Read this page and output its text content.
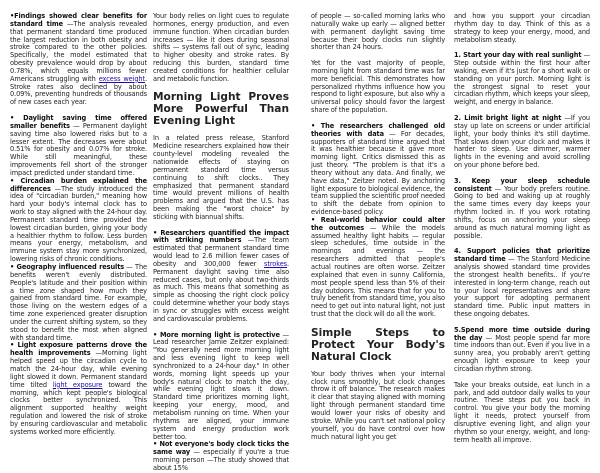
•Findings showed clear benefits for standard time —The analysis revealed that permanent standard time produced the largest reduction in both obesity and stroke compared to the other policies. Specifically, the model estimated that obesity prevalence would drop by about 0.78%, which equals millions fewer Americans struggling with excess weight. Stroke rates also declined by about 0.09%, preventing hundreds of thousands of new cases each year.

• Daylight saving time offered smaller benefits — Permanent daylight saving time also lowered risks but to a lesser extent. The decreases were about 0.51% for obesity and 0.07% for stroke. While still meaningful, these improvements fell short of the stronger impact predicted under standard time.

• Circadian burden explained the differences —The study introduced the idea of "circadian burden," meaning how hard your body's internal clock has to work to stay aligned with the 24-hour day. Permanent standard time provided the lowest circadian burden, giving your body a healthier rhythm to follow. Less burden means your energy, metabolism, and immune system stay more synchronized, lowering risks of chronic conditions.

• Geography influenced results — The benefits weren't evenly distributed. People's latitude and their position within a time zone shaped how much they gained from standard time. For example, those living on the western edges of a time zone experienced greater disruption under the current shifting system, so they stood to benefit the most when aligned with standard time.

• Light exposure patterns drove the health improvements —Morning light helped speed up the circadian cycle to match the 24-hour day, while evening light slowed it down. Permanent standard time tilted light exposure toward the morning, which kept people's biological clocks better synchronized. This alignment supported healthy weight regulation and lowered the risk of stroke by ensuring cardiovascular and metabolic systems worked more efficiently.

Your body relies on light cues to regulate hormones, energy production, and even immune function. When circadian burden increases — like it does during seasonal shifts — systems fall out of sync, leading to higher obesity and stroke rates. By reducing this burden, standard time created conditions for healthier cellular and metabolic function.

Morning Light Proves More Powerful Than Evening Light

In a related press release, Stanford Medicine researchers explained how their county-level modeling revealed the nationwide effects of staying on permanent standard time versus continuing to shift clocks.. They emphasized that permanent standard time would prevent millions of health problems and argued that the U.S. has been making the "worst choice" by sticking with biannual shifts.

• Researchers quantified the impact with striking numbers —The team estimated that permanent standard time would lead to 2.6 million fewer cases of obesity and 300,000 fewer strokes. Permanent daylight saving time also reduced cases, but only about two-thirds as much. This means that something as simple as choosing the right clock policy could determine whether your body stays in sync or struggles with excess weight and cardiovascular problems.

• More morning light is protective — Lead researcher Jamie Zeitzer explained: "You generally need more morning light and less evening light to keep well synchronized to a 24-hour day." In other words, morning light speeds up your body's natural clock to match the day, while evening light slows it down. Standard time prioritizes morning light, keeping your energy, mood, and metabolism running on time. When your rhythms are aligned, your immune system and energy production work better too.

• Not everyone's body clock ticks the same way — especially if you're a true morning person —The study showed that about 15%

of people — so-called morning larks who naturally wake up early — aligned better with permanent daylight saving time because their body clocks run slightly shorter than 24 hours.

Yet for the vast majority of people, morning light from standard time was far more beneficial. This demonstrates how personalized rhythms influence how you respond to light exposure, but also why a universal policy should favor the largest share of the population.

• The researchers challenged old theories with data — For decades, supporters of standard time argued that it was healthier because it gave more morning light. Critics dismissed this as just theory. "The problem is that it's a theory without any data. And finally, we have data," Zeitzer noted. By anchoring light exposure to biological evidence, the team supplied the scientific proof needed to shift the debate from opinion to evidence-based policy.

• Real-world behavior could alter the outcomes — While the models assumed healthy light habits — regular sleep schedules, time outside in the mornings and evenings — the researchers admitted that people's actual routines are often worse. Zeitzer explained that even in sunny California, most people spend less than 5% of their day outdoors. This means that for you to truly benefit from standard time, you also need to get out into natural light, not just trust that the clock will do all the work.

Simple Steps to Protect Your Body's Natural Clock

Your body thrives when your internal clock runs smoothly, but clock changes throw it off balance. The research makes it clear that staying aligned with morning light through permanent standard time would lower your risks of obesity and stroke. While you can't set national policy yourself, you do have control over how much natural light you get

and how you support your circadian rhythm day to day. Think of this as a strategy to keep your energy, mood, and metabolism steady.

1. Start your day with real sunlight — Step outside within the first hour after waking, even if it's just for a short walk or standing on your porch. Morning light is the strongest signal to reset your circadian rhythm, which keeps your sleep, weight, and energy in balance.

2. Limit bright light at night —If you stay up late on screens or under artificial light, your body thinks it's still daytime. That slows down your clock and makes it harder to sleep. Use dimmer, warmer lights in the evening and avoid scrolling on your phone before bed.

3. Keep your sleep schedule consistent — Your body prefers routine. Going to bed and waking up at roughly the same times every day keeps your rhythm locked in. If you work rotating shifts, focus on anchoring your sleep around as much natural morning light as possible.

4. Support policies that prioritize standard time — The Stanford Medicine analysis showed standard time provides the strongest health benefits.. If you're interested in long-term change, reach out to your local representatives and share your support for adopting permanent standard time. Public input matters in these ongoing debates.

5.Spend more time outside during the day — Most people spend far more time indoors than out. Even if you live in a sunny area, you probably aren't getting enough light exposure to keep your circadian rhythm strong.

Take your breaks outside, eat lunch in a park, and add outdoor daily walks to your routine. These steps put you back in control. You give your body the morning light it needs, protect yourself from disruptive evening light, and align your rhythm so your energy, weight, and long-term health all improve.
